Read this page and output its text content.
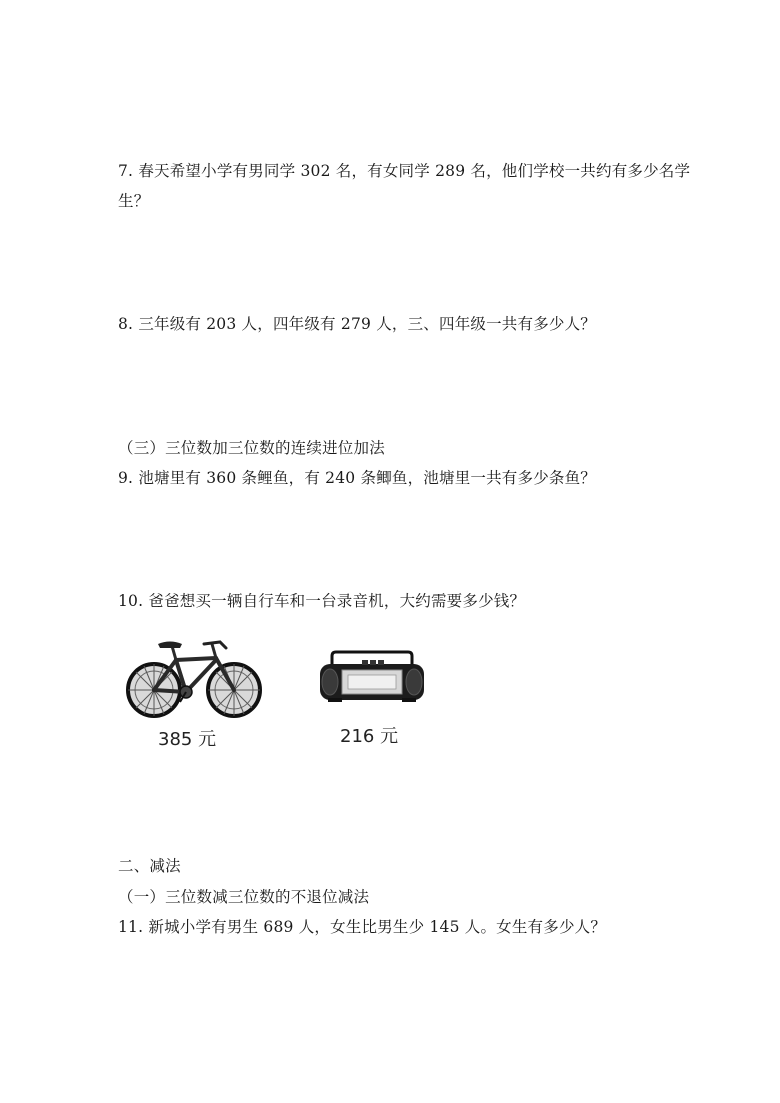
7. 春天希望小学有男同学 302 名，有女同学 289 名，他们学校一共约有多少名学
生？
8. 三年级有 203 人，四年级有 279 人，三、四年级一共有多少人？
（三）三位数加三位数的连续进位加法
9. 池塘里有 360 条鲤鱼，有 240 条鲫鱼，池塘里一共有多少条鱼？
10. 爸爸想买一辆自行车和一台录音机，大约需要多少钱？
385 元	216 元
二、减法
（一）三位数减三位数的不退位减法
11. 新城小学有男生 689 人，女生比男生少 145 人。女生有多少人？
